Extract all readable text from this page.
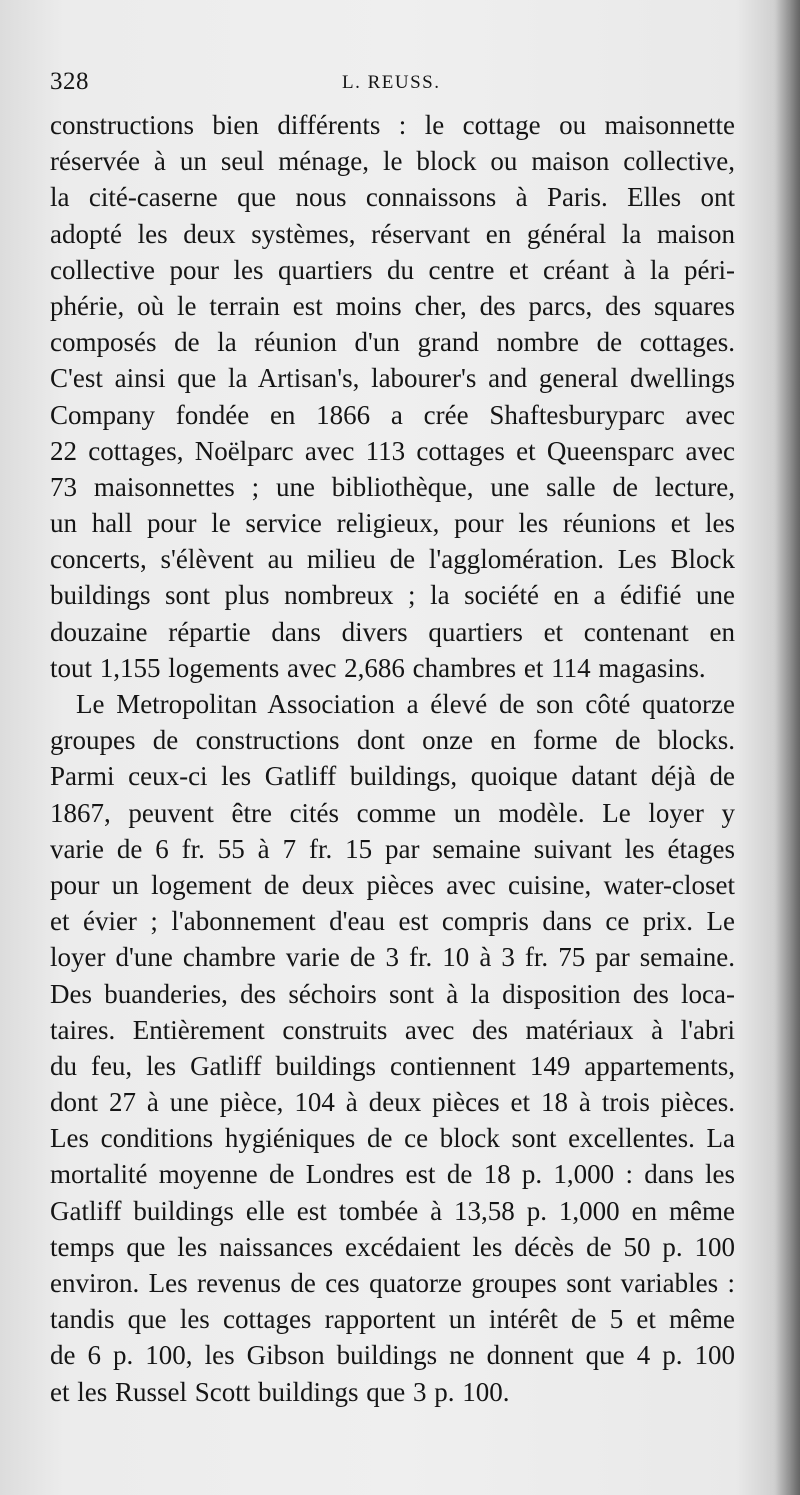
328	L. REUSS.
constructions bien différents : le cottage ou maisonnette
réservée à un seul ménage, le block ou maison collective,
la cité-caserne que nous connaissons à Paris. Elles ont
adopté les deux systèmes, réservant en général la maison
collective pour les quartiers du centre et créant à la péri-
phérie, où le terrain est moins cher, des parcs, des squares
composés de la réunion d'un grand nombre de cottages.
C'est ainsi que la Artisan's, labourer's and general dwellings
Company fondée en 1866 a crée Shaftesburyparc avec
22 cottages, Noëlparc avec 113 cottages et Queensparc avec
73 maisonnettes ; une bibliothèque, une salle de lecture,
un hall pour le service religieux, pour les réunions et les
concerts, s'élèvent au milieu de l'agglomération. Les Block
buildings sont plus nombreux ; la société en a édifié une
douzaine répartie dans divers quartiers et contenant en
tout 1,155 logements avec 2,686 chambres et 114 magasins.
Le Metropolitan Association a élevé de son côté quatorze
groupes de constructions dont onze en forme de blocks.
Parmi ceux-ci les Gatliff buildings, quoique datant déjà de
1867, peuvent être cités comme un modèle. Le loyer y
varie de 6 fr. 55 à 7 fr. 15 par semaine suivant les étages
pour un logement de deux pièces avec cuisine, water-closet
et évier ; l'abonnement d'eau est compris dans ce prix. Le
loyer d'une chambre varie de 3 fr. 10 à 3 fr. 75 par semaine.
Des buanderies, des séchoirs sont à la disposition des loca-
taires. Entièrement construits avec des matériaux à l'abri
du feu, les Gatliff buildings contiennent 149 appartements,
dont 27 à une pièce, 104 à deux pièces et 18 à trois pièces.
Les conditions hygiéniques de ce block sont excellentes. La
mortalité moyenne de Londres est de 18 p. 1,000 : dans les
Gatliff buildings elle est tombée à 13,58 p. 1,000 en même
temps que les naissances excédaient les décès de 50 p. 100
environ. Les revenus de ces quatorze groupes sont variables :
tandis que les cottages rapportent un intérêt de 5 et même
de 6 p. 100, les Gibson buildings ne donnent que 4 p. 100
et les Russel Scott buildings que 3 p. 100.
